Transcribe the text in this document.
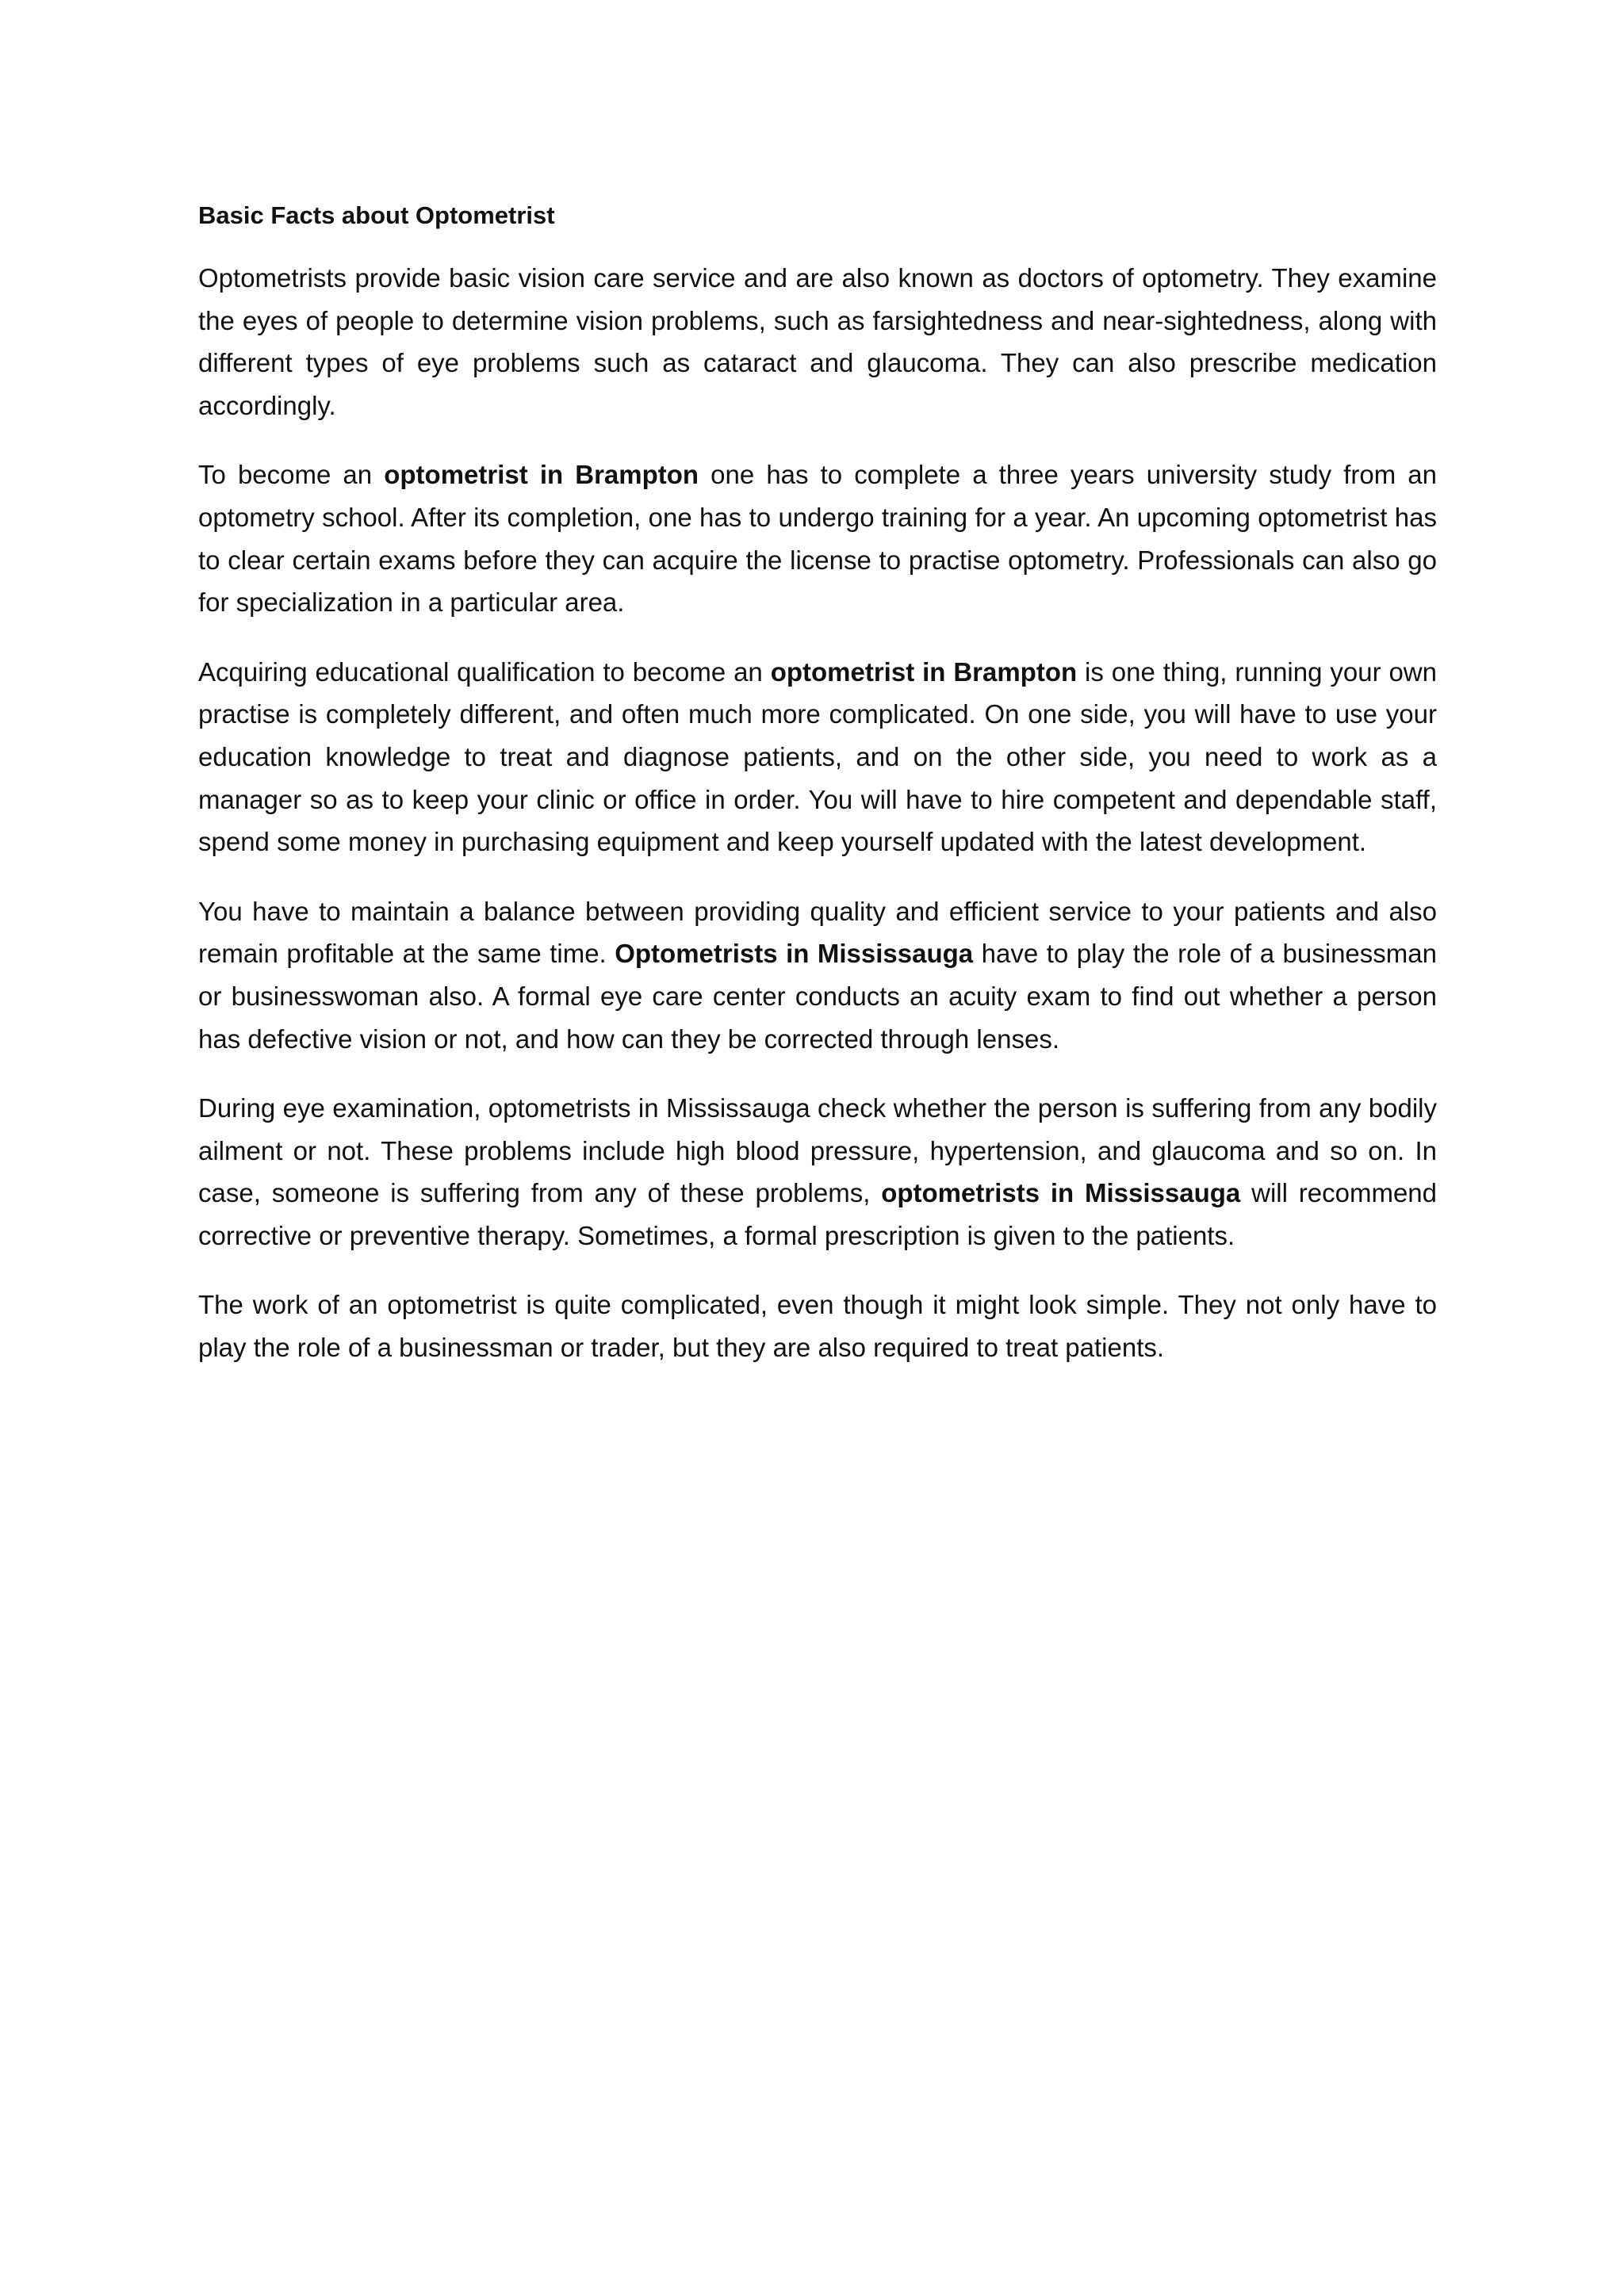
Basic Facts about Optometrist

Optometrists provide basic vision care service and are also known as doctors of optometry. They examine the eyes of people to determine vision problems, such as farsightedness and near-sightedness, along with different types of eye problems such as cataract and glaucoma. They can also prescribe medication accordingly.

To become an optometrist in Brampton one has to complete a three years university study from an optometry school. After its completion, one has to undergo training for a year. An upcoming optometrist has to clear certain exams before they can acquire the license to practise optometry. Professionals can also go for specialization in a particular area.

Acquiring educational qualification to become an optometrist in Brampton is one thing, running your own practise is completely different, and often much more complicated. On one side, you will have to use your education knowledge to treat and diagnose patients, and on the other side, you need to work as a manager so as to keep your clinic or office in order. You will have to hire competent and dependable staff, spend some money in purchasing equipment and keep yourself updated with the latest development.

You have to maintain a balance between providing quality and efficient service to your patients and also remain profitable at the same time. Optometrists in Mississauga have to play the role of a businessman or businesswoman also. A formal eye care center conducts an acuity exam to find out whether a person has defective vision or not, and how can they be corrected through lenses.

During eye examination, optometrists in Mississauga check whether the person is suffering from any bodily ailment or not. These problems include high blood pressure, hypertension, and glaucoma and so on. In case, someone is suffering from any of these problems, optometrists in Mississauga will recommend corrective or preventive therapy. Sometimes, a formal prescription is given to the patients.

The work of an optometrist is quite complicated, even though it might look simple. They not only have to play the role of a businessman or trader, but they are also required to treat patients.
